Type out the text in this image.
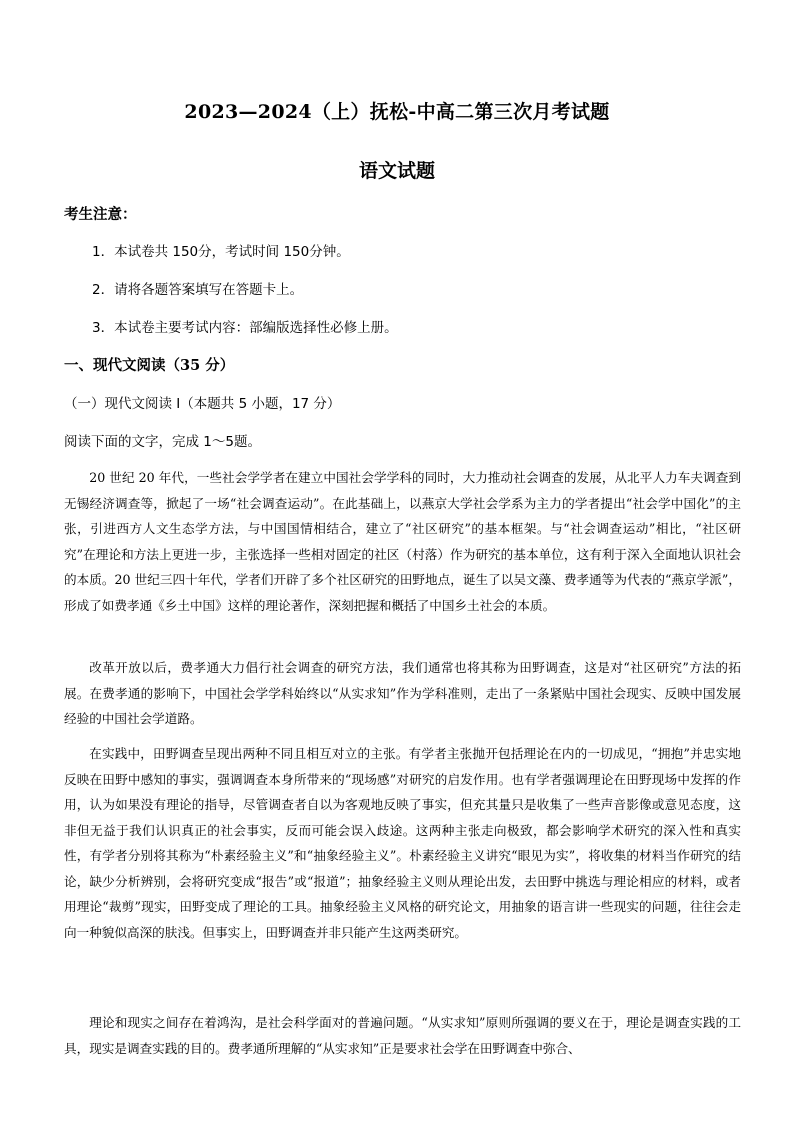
2023—2024（上）抚松-中高二第三次月考试题
语文试题
考生注意：
1．本试卷共 150分，考试时间 150分钟。
2．请将各题答案填写在答题卡上。
3．本试卷主要考试内容：部编版选择性必修上册。
一、现代文阅读（35 分）
（一）现代文阅读 I（本题共 5 小题，17 分）
阅读下面的文字，完成 1～5题。

20 世纪 20 年代，一些社会学学者在建立中国社会学学科的同时，大力推动社会调查的发展，从北平人力车夫调查到无锡经济调查等，掀起了一场“社会调查运动”。在此基础上，以燕京大学社会学系为主力的学者提出“社会学中国化”的主张，引进西方人文生态学方法，与中国国情相结合，建立了“社区研究”的基本框架。与“社会调查运动”相比，“社区研究”在理论和方法上更进一步，主张选择一些相对固定的社区（村落）作为研究的基本单位，这有利于深入全面地认识社会的本质。20 世纪三四十年代，学者们开辟了多个社区研究的田野地点，诞生了以吴文藻、费孝通等为代表的“燕京学派”，形成了如费孝通《乡土中国》这样的理论著作，深刻把握和概括了中国乡土社会的本质。

改革开放以后，费孝通大力倡行社会调查的研究方法，我们通常也将其称为田野调查，这是对“社区研究”方法的拓展。在费孝通的影响下，中国社会学学科始终以“从实求知”作为学科准则，走出了一条紧贴中国社会现实、反映中国发展经验的中国社会学道路。

在实践中，田野调查呈现出两种不同且相互对立的主张。有学者主张抛开包括理论在内的一切成见，“拥抱”并忠实地反映在田野中感知的事实，强调调查本身所带来的“现场感”对研究的启发作用。也有学者强调理论在田野现场中发挥的作用，认为如果没有理论的指导，尽管调查者自以为客观地反映了事实，但充其量只是收集了一些声音影像或意见态度，这非但无益于我们认识真正的社会事实，反而可能会误入歧途。这两种主张走向极致，都会影响学术研究的深入性和真实性，有学者分别将其称为“朴素经验主义”和“抽象经验主义”。朴素经验主义讲究“眼见为实”，将收集的材料当作研究的结论，缺少分析辨别，会将研究变成“报告”或“报道”；抽象经验主义则从理论出发，去田野中挑选与理论相应的材料，或者用理论“裁剪”现实，田野变成了理论的工具。抽象经验主义风格的研究论文，用抽象的语言讲一些现实的问题，往往会走向一种貌似高深的肤浅。但事实上，田野调查并非只能产生这两类研究。

理论和现实之间存在着鸿沟，是社会科学面对的普遍问题。“从实求知”原则所强调的要义在于，理论是调查实践的工具，现实是调查实践的目的。费孝通所理解的“从实求知”正是要求社会学在田野调查中弥合、
